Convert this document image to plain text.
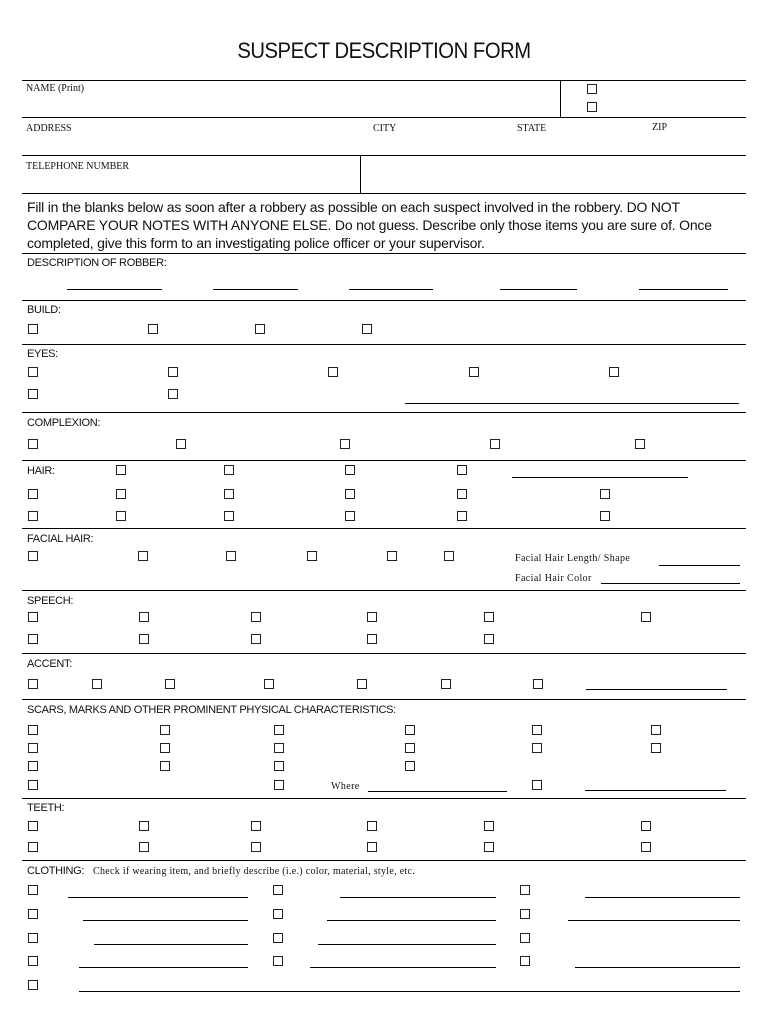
SUSPECT DESCRIPTION FORM
NAME (Print)
ADDRESS	CITY	STATE	ZIP
TELEPHONE NUMBER
Fill in the blanks below as soon after a robbery as possible on each suspect involved in the robbery. DO NOT COMPARE YOUR NOTES WITH ANYONE ELSE. Do not guess. Describe only those items you are sure of. Once completed, give this form to an investigating police officer or your supervisor.
DESCRIPTION OF ROBBER:
BUILD:
EYES:
COMPLEXION:
HAIR:
FACIAL HAIR:
Facial Hair Length/ Shape
Facial Hair Color
SPEECH:
ACCENT:
SCARS, MARKS AND OTHER PROMINENT PHYSICAL CHARACTERISTICS:
Where
TEETH:
CLOTHING: Check if wearing item, and briefly describe (i.e.) color, material, style, etc.
